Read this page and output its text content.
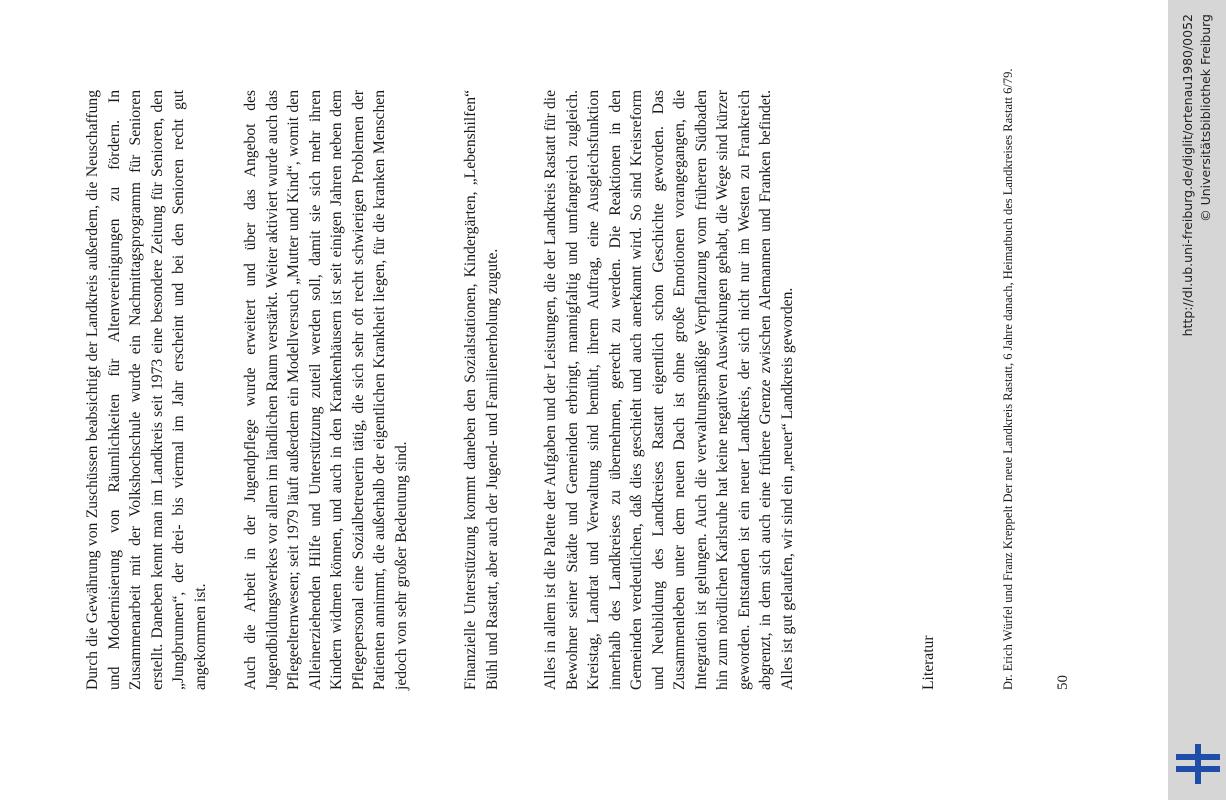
Durch die Gewährung von Zuschüssen beabsichtigt der Landkreis außerdem, die Neuschaffung und Modernisierung von Räumlichkeiten für Altenvereinigungen zu fördern. In Zusammenarbeit mit der Volkshochschule wurde ein Nachmittagsprogramm für Senioren erstellt. Daneben kennt man im Landkreis seit 1973 eine besondere Zeitung für Senioren, den „Jungbrunnen“, der drei- bis viermal im Jahr erscheint und bei den Senioren recht gut angekommen ist. Auch die Arbeit in der Jugendpflege wurde erweitert und über das Angebot des Jugendbildungswerkes vor allem im ländlichen Raum verstärkt. Weiter aktiviert wurde auch das Pflegeelternwesen; seit 1979 läuft außerdem ein Modellversuch „Mutter und Kind“, womit den Alleinerziehenden Hilfe und Unterstützung zuteil werden soll, damit sie sich mehr ihren Kindern widmen können, und auch in den Krankenhäusern ist seit einigen Jahren neben dem Pflegepersonal eine Sozialbetreuerin tätig, die sich sehr oft recht schwierigen Problemen der Patienten annimmt, die außerhalb der eigentlichen Krankheit liegen, für die kranken Menschen jedoch von sehr großer Bedeutung sind.	Finanzielle Unterstützung kommt daneben den Sozialstationen, Kindergärten, „Lebenshilfen“ Bühl und Rastatt, aber auch der Jugend- und Familienerholung zugute.	Alles in allem ist die Palette der Aufgaben und der Leistungen, die der Landkreis Rastatt für die Bewohner seiner Städte und Gemeinden erbringt, mannigfaltig und umfangreich zugleich. Kreistag, Landrat und Verwaltung sind bemüht, ihrem Auftrag, eine Ausgleichsfunktion innerhalb des Landkreises zu übernehmen, gerecht zu werden. Die Reaktionen in den Gemeinden verdeutlichen, daß dies geschieht und auch anerkannt wird. So sind Kreisreform und Neubildung des Landkreises Rastatt eigentlich schon Geschichte geworden. Das Zusammenleben unter dem neuen Dach ist ohne große Emotionen vorangegangen, die Integration ist gelungen. Auch die verwaltungsmäßige Verpflanzung vom früheren Südbaden hin zum nördlichen Karlsruhe hat keine negativen Auswirkungen gehabt, die Wege sind kürzer geworden. Entstanden ist ein neuer Landkreis, der sich nicht nur im Westen zu Frankreich abgrenzt, in dem sich auch eine frühere Grenze zwischen Alemannen und Franken befindet. Alles ist gut gelaufen, wir sind ein „neuer“ Landkreis geworden.	Literatur	Dr. Erich Würfel und Franz Kreppelt Der neue Landkreis Rastatt, 6 Jahre danach, Heimatbuch des Landkreises Rastatt 6/79.	50
http://dl.ub.uni-freiburg.de/diglit/ortenau1980/0052 © Universitätsbibliothek Freiburg
